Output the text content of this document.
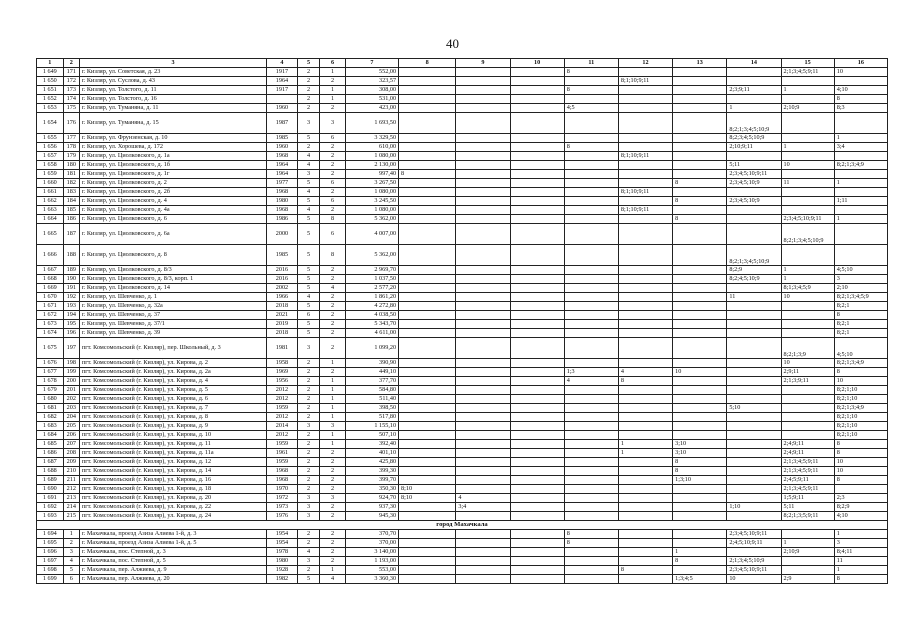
40
1	2	3	4	5	6	7	8	9	10	11	12	13	14	15	16
1 649	171	г. Кизляр, ул. Советская, д. 23	1917	2	1	552,00				8				2;1;3;4;5;9;11	10
1 650	172	г. Кизляр, ул. Суслова, д. 43	1964	2	2	323,57					8;1;10;9;11				
1 651	173	г. Кизляр, ул. Толстого, д. 11	1917	2	1	308,00				8			2;3;9;11	1	4;10
1 652	174	г. Кизляр, ул. Толстого, д. 16		2	1	531,00									8
1 653	175	г. Кизляр, ул. Туманяна, д. 11	1960	2	2	423,00				4;5			1	2;10;9	8;3
1 654	176	г. Кизляр, ул. Туманяна, д. 15	1987	3	3	1 693,50							8;2;1;3;4;5;10;9		
1 655	177	г. Кизляр, ул. Фрунзенская, д. 10	1985	5	6	3 329,50							8;2;3;4;5;10;9		1
1 656	178	г. Кизляр, ул. Хорошева, д. 172	1960	2	2	610,00				8			2;10;9;11	1	3;4
1 657	179	г. Кизляр, ул. Циолковского, д. 1а	1968	4	2	1 080,00					8;1;10;9;11				
1 658	180	г. Кизляр, ул. Циолковского, д. 1б	1964	4	2	2 130,00							5;11	10	8;2;1;3;4;9
1 659	181	г. Кизляр, ул. Циолковского, д. 1г	1964	3	2	997,40	8						2;3;4;5;10;9;11		
1 660	182	г. Кизляр, ул. Циолковского, д. 2	1977	5	6	3 267,50						8	2;3;4;5;10;9	11	1
1 661	183	г. Кизляр, ул. Циолковского, д. 2б	1968	4	2	1 080,00					8;1;10;9;11				
1 662	184	г. Кизляр, ул. Циолковского, д. 4	1980	5	6	3 245,50						8	2;3;4;5;10;9		1;11
1 663	185	г. Кизляр, ул. Циолковского, д. 4а	1968	4	2	1 080,00					8;1;10;9;11				
1 664	186	г. Кизляр, ул. Циолковского, д. 6	1986	5	8	5 362,00						8		2;3;4;5;10;9;11	1
1 665	187	г. Кизляр, ул. Циолковского, д. 6а	2000	5	6	4 007,00								8;2;1;3;4;5;10;9	
1 666	188	г. Кизляр, ул. Циолковского, д. 8	1985	5	8	5 362,00							8;2;1;3;4;5;10;9		
1 667	189	г. Кизляр, ул. Циолковского, д. 8/3	2016	5	2	2 969,70							8;2;9	1	4;5;10
1 668	190	г. Кизляр, ул. Циолковского, д. 8/3, корп. 1	2016	5	2	1 037,50							8;2;4;5;10;9	1	3
1 669	191	г. Кизляр, ул. Циолковского, д. 14	2002	5	4	2 577,20								8;1;3;4;5;9	2;10
1 670	192	г. Кизляр, ул. Шевченко, д. 1	1966	4	2	1 861,20							11	10	8;2;1;3;4;5;9
1 671	193	г. Кизляр, ул. Шевченко, д. 32а	2018	5	2	4 272,80									8;2;1
1 672	194	г. Кизляр, ул. Шевченко, д. 37	2021	6	2	4 038,50									8
1 673	195	г. Кизляр, ул. Шевченко, д. 37/1	2019	5	2	5 343,70									8;2;1
1 674	196	г. Кизляр, ул. Шевченко, д. 39	2018	5	2	4 611,00									8;2;1
1 675	197	пгт. Комсомольский (г. Кизляр), пер. Школьный, д. 3	1981	3	2	1 099,20								8;2;1;3;9	4;5;10
1 676	198	пгт. Комсомольский (г. Кизляр), ул. Кирова, д. 2	1958	2	1	390,90								10	8;2;1;3;4;9
1 677	199	пгт. Комсомольский (г. Кизляр), ул. Кирова, д. 2а	1969	2	2	449,10				1;3	4	10		2;9;11	8
1 678	200	пгт. Комсомольский (г. Кизляр), ул. Кирова, д. 4	1956	2	1	377,70				4	8			2;1;3;9;11	10
1 679	201	пгт. Комсомольский (г. Кизляр), ул. Кирова, д. 5	2012	2	1	584,80									8;2;1;10
1 680	202	пгт. Комсомольский (г. Кизляр), ул. Кирова, д. 6	2012	2	1	511,40									8;2;1;10
1 681	203	пгт. Комсомольский (г. Кизляр), ул. Кирова, д. 7	1959	2	1	398,50							5;10		8;2;1;3;4;9
1 682	204	пгт. Комсомольский (г. Кизляр), ул. Кирова, д. 8	2012	2	1	517,80									8;2;1;10
1 683	205	пгт. Комсомольский (г. Кизляр), ул. Кирова, д. 9	2014	3	3	1 155,10									8;2;1;10
1 684	206	пгт. Комсомольский (г. Кизляр), ул. Кирова, д. 10	2012	2	1	507,10									8;2;1;10
1 685	207	пгт. Комсомольский (г. Кизляр), ул. Кирова, д. 11	1959	2	1	392,40					1	3;10		2;4;9;11	8
1 686	208	пгт. Комсомольский (г. Кизляр), ул. Кирова, д. 11а	1961	2	2	401,10					1	3;10		2;4;9;11	8
1 687	209	пгт. Комсомольский (г. Кизляр), ул. Кирова, д. 12	1959	2	2	425,80						8		2;1;3;4;5;9;11	10
1 688	210	пгт. Комсомольский (г. Кизляр), ул. Кирова, д. 14	1968	2	2	399,30						8		2;1;3;4;5;9;11	10
1 689	211	пгт. Комсомольский (г. Кизляр), ул. Кирова, д. 16	1968	2	2	399,70						1;3;10		2;4;5;9;11	8
1 690	212	пгт. Комсомольский (г. Кизляр), ул. Кирова, д. 18	1970	2	2	350,30	8;10							2;1;3;4;5;9;11	
1 691	213	пгт. Комсомольский (г. Кизляр), ул. Кирова, д. 20	1972	3	3	924,70	8;10	4						1;5;9;11	2;3
1 692	214	пгт. Комсомольский (г. Кизляр), ул. Кирова, д. 22	1973	3	2	937,30		3;4					1;10	5;11	8;2;9
1 693	215	пгт. Комсомольский (г. Кизляр), ул. Кирова, д. 24	1976	3	2	945,30								8;2;1;3;5;9;11	4;10
город Махачкала															
1 694	1	г. Махачкала, проезд Азиза Алиева 1-й, д. 3	1954	2	2	370,70				8			2;3;4;5;10;9;11		1
1 695	2	г. Махачкала, проезд Азиза Алиева 1-й, д. 5	1954	2	2	370,00				8			2;4;5;10;9;11	1	3
1 696	3	г. Махачкала, пос. Степной, д. 3	1978	4	2	3 140,00						1		2;10;9	8;4;11
1 697	4	г. Махачкала, пос. Степной, д. 5	1980	3	2	1 193,00						8	2;1;3;4;5;10;9		11
1 698	5	г. Махачкала, пер. Алжиева, д. 9	1928	2	1	553,00					8		2;3;4;5;10;9;11		1
1 699	6	г. Махачкала, пер. Алжиева, д. 20	1982	5	4	3 360,30						1;3;4;5	10	2;9	8
